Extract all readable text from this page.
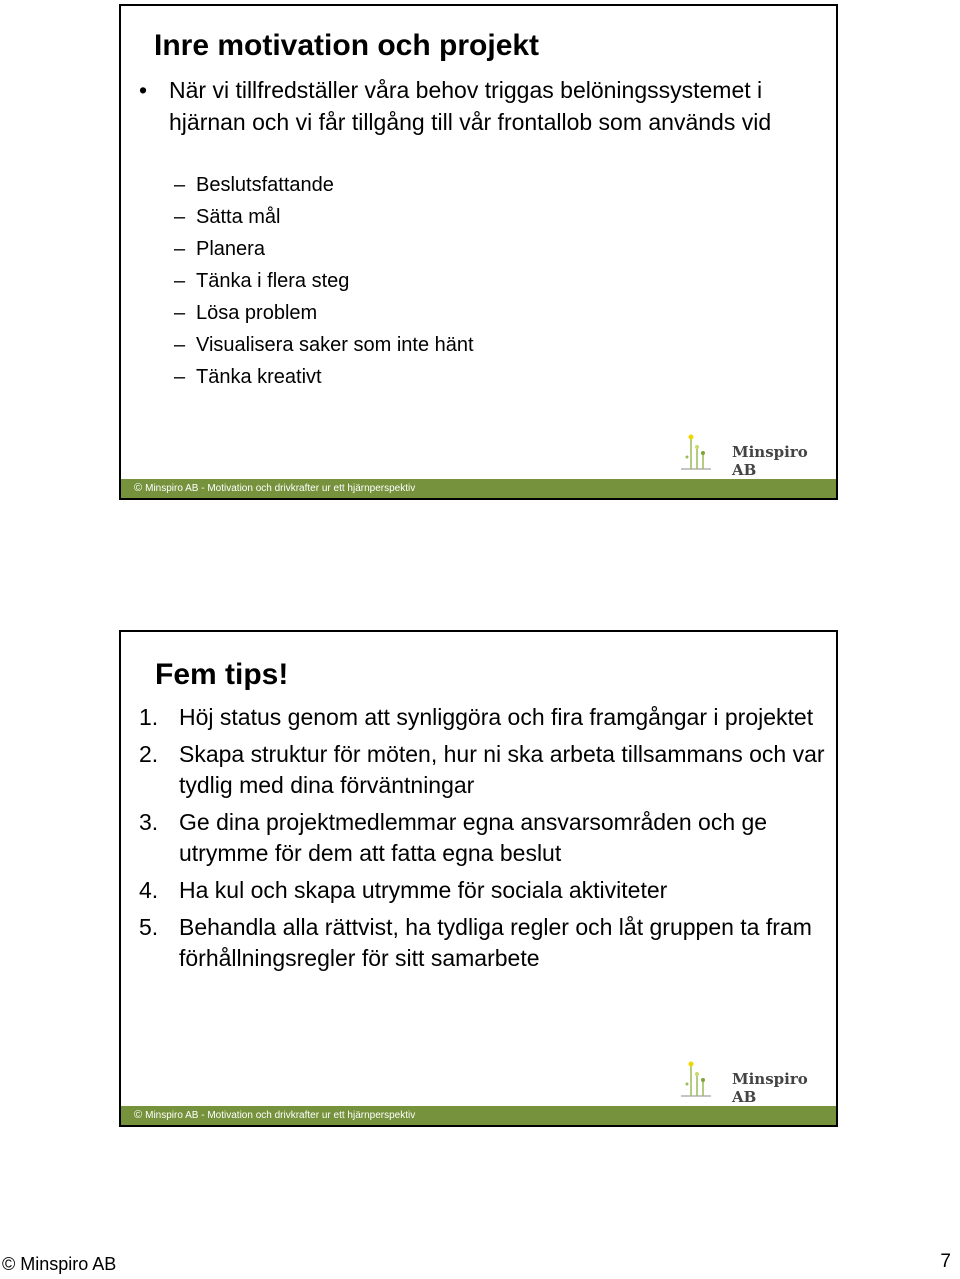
Inre motivation och projekt
• När vi tillfredställer våra behov triggas belöningssystemet i hjärnan och vi får tillgång till vår frontallob som används vid
– Beslutsfattande
– Sätta mål
– Planera
– Tänka i flera steg
– Lösa problem
– Visualisera saker som inte hänt
– Tänka kreativt
Minspiro AB
© Minspiro AB - Motivation och drivkrafter ur ett hjärnperspektiv
Fem tips!
1. Höj status genom att synliggöra och fira framgångar i projektet
2. Skapa struktur för möten, hur ni ska arbeta tillsammans och var tydlig med dina förväntningar
3. Ge dina projektmedlemmar egna ansvarsområden och ge utrymme för dem att fatta egna beslut
4. Ha kul och skapa utrymme för sociala aktiviteter
5. Behandla alla rättvist, ha tydliga regler och låt gruppen ta fram förhållningsregler för sitt samarbete
Minspiro AB
© Minspiro AB - Motivation och drivkrafter ur ett hjärnperspektiv
© Minspiro AB	7
